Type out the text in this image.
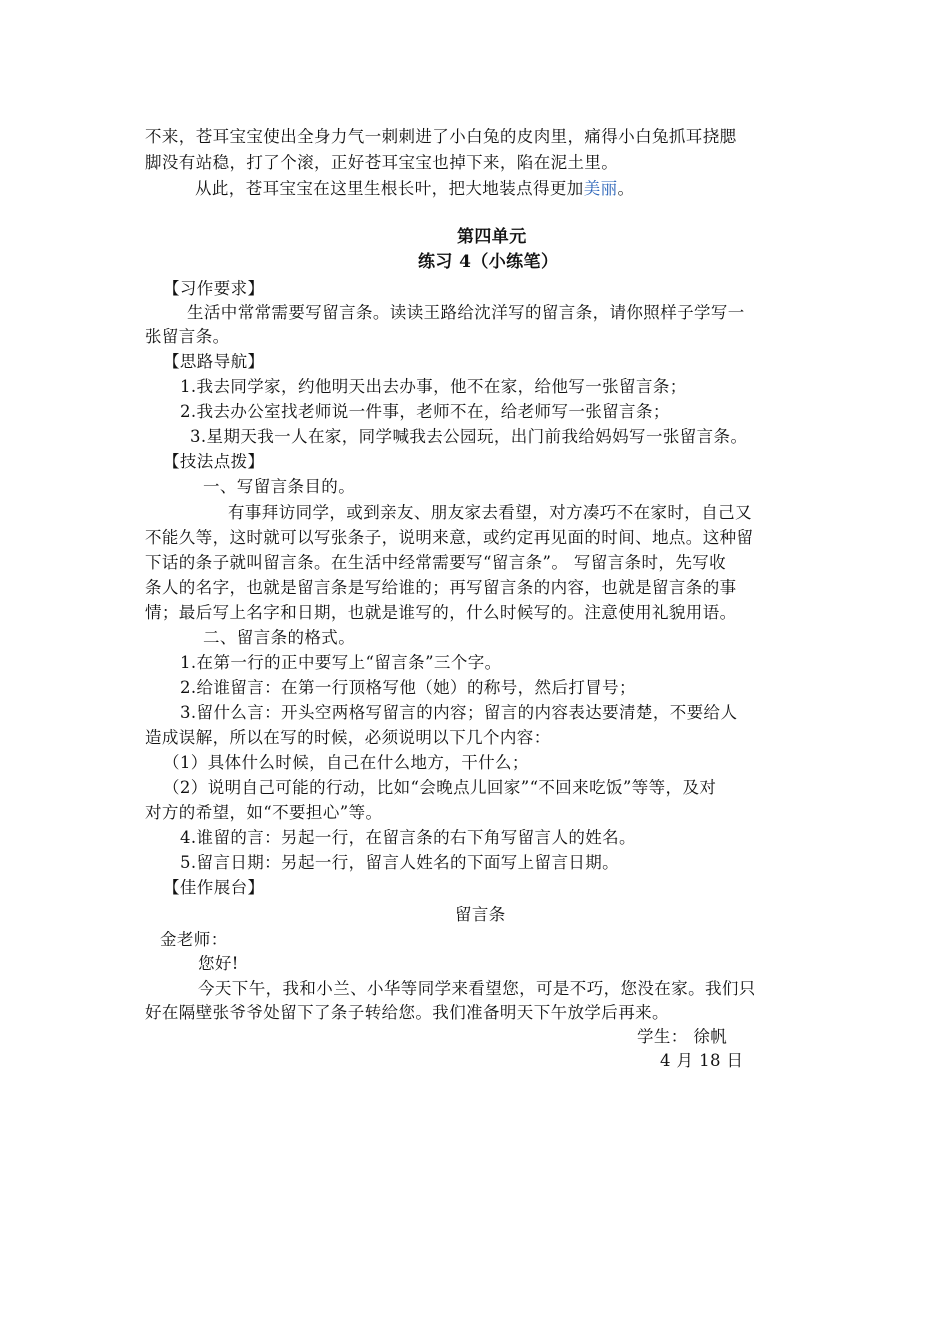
不来，苍耳宝宝使出全身力气一刺刺进了小白兔的皮肉里，痛得小白兔抓耳挠腮
脚没有站稳，打了个滚，正好苍耳宝宝也掉下来，陷在泥土里。
从此，苍耳宝宝在这里生根长叶，把大地装点得更加美丽。
第四单元
练习 4（小练笔）
【习作要求】
生活中常常需要写留言条。读读王路给沈洋写的留言条，请你照样子学写一
张留言条。
【思路导航】
1.我去同学家，约他明天出去办事，他不在家，给他写一张留言条；
2.我去办公室找老师说一件事，老师不在，给老师写一张留言条；
3.星期天我一人在家，同学喊我去公园玩，出门前我给妈妈写一张留言条。
【技法点拨】
一、写留言条目的。
有事拜访同学，或到亲友、朋友家去看望，对方凑巧不在家时，自己又
不能久等，这时就可以写张条子，说明来意，或约定再见面的时间、地点。这种留
下话的条子就叫留言条。在生活中经常需要写“留言条”。 写留言条时，先写收
条人的名字，也就是留言条是写给谁的；再写留言条的内容，也就是留言条的事
情；最后写上名字和日期，也就是谁写的，什么时候写的。注意使用礼貌用语。
二、留言条的格式。
1.在第一行的正中要写上“留言条”三个字。
2.给谁留言：在第一行顶格写他（她）的称号，然后打冒号；
3.留什么言：开头空两格写留言的内容；留言的内容表达要清楚，不要给人
造成误解，所以在写的时候，必须说明以下几个内容：
（1）具体什么时候，自己在什么地方，干什么；
（2）说明自己可能的行动，比如“会晚点儿回家”“不回来吃饭”等等，及对
对方的希望，如“不要担心”等。
4.谁留的言：另起一行，在留言条的右下角写留言人的姓名。
5.留言日期：另起一行，留言人姓名的下面写上留言日期。
【佳作展台】
留言条
金老师：
您好!
今天下午，我和小兰、小华等同学来看望您，可是不巧，您没在家。我们只
好在隔壁张爷爷处留下了条子转给您。我们准备明天下午放学后再来。
学生： 徐帆
4 月 18 日
